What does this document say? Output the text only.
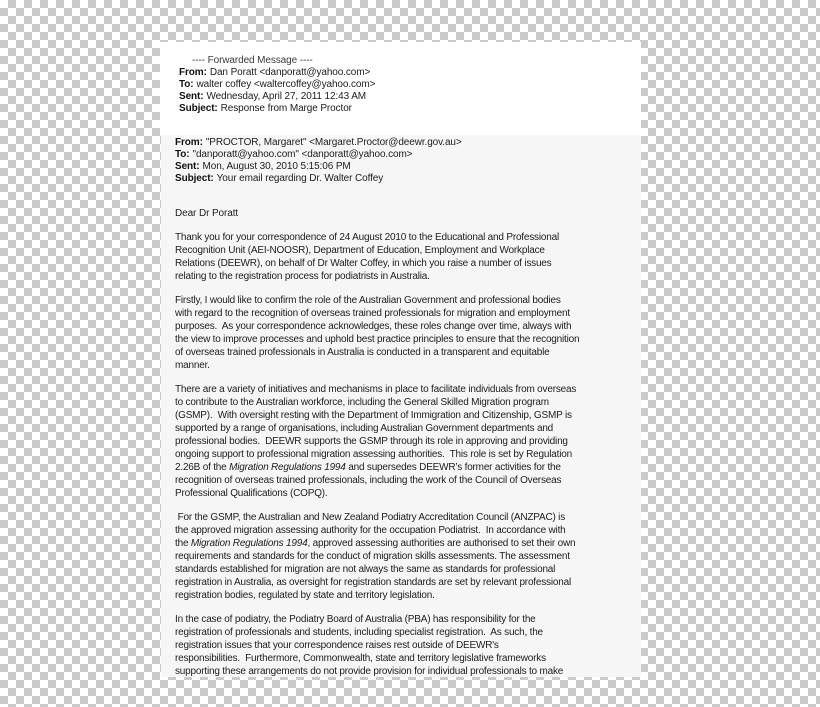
---- Forwarded Message ----
From: Dan Poratt <danporatt@yahoo.com>
To: walter coffey <waltercoffey@yahoo.com>
Sent: Wednesday, April 27, 2011 12:43 AM
Subject: Response from Marge Proctor
From: "PROCTOR, Margaret" <Margaret.Proctor@deewr.gov.au>
To: "danporatt@yahoo.com" <danporatt@yahoo.com>
Sent: Mon, August 30, 2010 5:15:06 PM
Subject: Your email regarding Dr. Walter Coffey
Dear Dr Poratt
Thank you for your correspondence of 24 August 2010 to the Educational and Professional
Recognition Unit (AEI-NOOSR), Department of Education, Employment and Workplace
Relations (DEEWR), on behalf of Dr Walter Coffey, in which you raise a number of issues
relating to the registration process for podiatrists in Australia.
Firstly, I would like to confirm the role of the Australian Government and professional bodies
with regard to the recognition of overseas trained professionals for migration and employment
purposes.  As your correspondence acknowledges, these roles change over time, always with
the view to improve processes and uphold best practice principles to ensure that the recognition
of overseas trained professionals in Australia is conducted in a transparent and equitable
manner.
There are a variety of initiatives and mechanisms in place to facilitate individuals from overseas
to contribute to the Australian workforce, including the General Skilled Migration program
(GSMP).  With oversight resting with the Department of Immigration and Citizenship, GSMP is
supported by a range of organisations, including Australian Government departments and
professional bodies.  DEEWR supports the GSMP through its role in approving and providing
ongoing support to professional migration assessing authorities.  This role is set by Regulation
2.26B of the Migration Regulations 1994 and supersedes DEEWR’s former activities for the
recognition of overseas trained professionals, including the work of the Council of Overseas
Professional Qualifications (COPQ).
For the GSMP, the Australian and New Zealand Podiatry Accreditation Council (ANZPAC) is
the approved migration assessing authority for the occupation Podiatrist.  In accordance with
the Migration Regulations 1994, approved assessing authorities are authorised to set their own
requirements and standards for the conduct of migration skills assessments. The assessment
standards established for migration are not always the same as standards for professional
registration in Australia, as oversight for registration standards are set by relevant professional
registration bodies, regulated by state and territory legislation.
In the case of podiatry, the Podiatry Board of Australia (PBA) has responsibility for the
registration of professionals and students, including specialist registration.  As such, the
registration issues that your correspondence raises rest outside of DEEWR's
responsibilities.  Furthermore, Commonwealth, state and territory legislative frameworks
supporting these arrangements do not provide provision for individual professionals to make
